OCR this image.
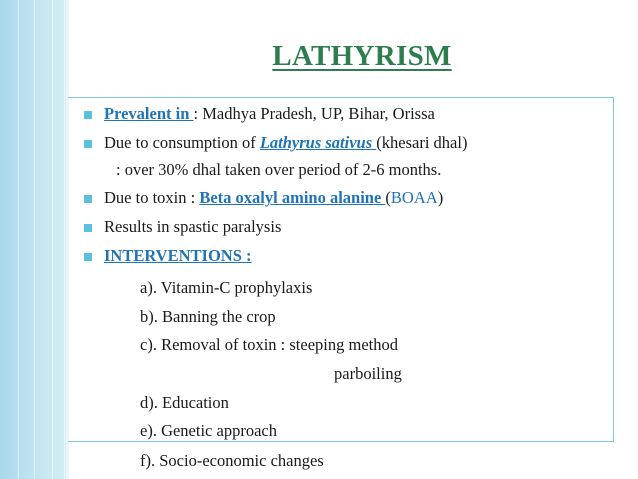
LATHYRISM
Prevalent in : Madhya Pradesh, UP, Bihar, Orissa
Due to consumption of Lathyrus sativus (khesari dhal)
: over 30% dhal taken over period of 2-6 months.
Due to toxin : Beta oxalyl amino alanine (BOAA)
Results in spastic paralysis
INTERVENTIONS :
a). Vitamin-C prophylaxis
b). Banning the crop
c). Removal of toxin : steeping method
parboiling
d). Education
e). Genetic approach
f). Socio-economic changes
